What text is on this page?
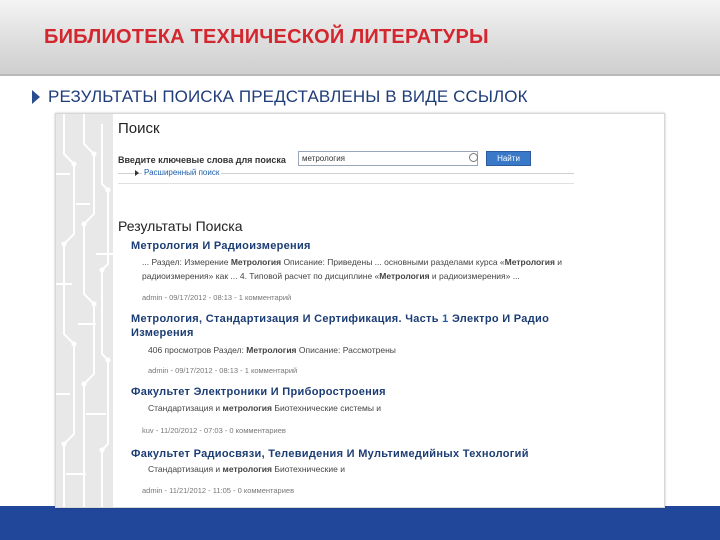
БИБЛИОТЕКА ТЕХНИЧЕСКОЙ ЛИТЕРАТУРЫ
РЕЗУЛЬТАТЫ ПОИСКА ПРЕДСТАВЛЕНЫ В ВИДЕ ССЫЛОК
Поиск
Введите ключевые слова для поиска	метрология	Найти
Расширенный поиск
Результаты Поиска
Метрология И Радиоизмерения
... Раздел: Измерение Метрология Описание: Приведены ... основными разделами курса «Метрология и
радиоизмерения» как ... 4. Типовой расчет по дисциплине «Метрология и радиоизмерения» ...
admin - 09/17/2012 - 08:13 - 1 комментарий
Метрология, Стандартизация И Сертификация. Часть 1 Электро И Радио
Измерения
406 просмотров Раздел: Метрология Описание: Рассмотрены
admin - 09/17/2012 - 08:13 - 1 комментарий
Факультет Электроники И Приборостроения
Стандартизация и метрология Биотехнические системы и
kuv - 11/20/2012 - 07:03 - 0 комментариев
Факультет Радиосвязи, Телевидения И Мультимедийных Технологий
Стандартизация и метрология Биотехнические и
admin - 11/21/2012 - 11:05 - 0 комментариев
